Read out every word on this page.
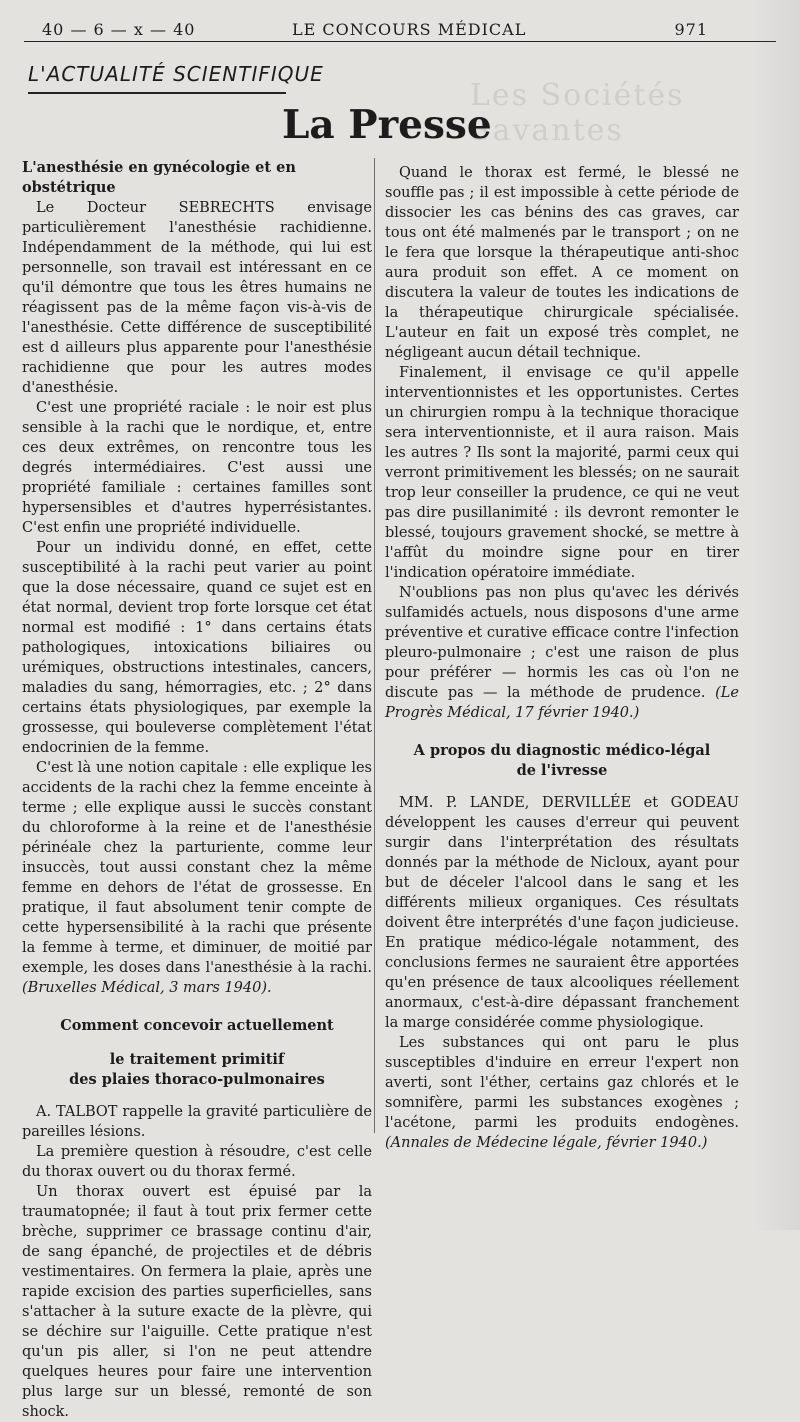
40 — 6 — x — 40	LE CONCOURS MÉDICAL	971
Les Sociétés Savantes
L'ACTUALITÉ SCIENTIFIQUE
La Presse
L'anesthésie en gynécologie et en obstétrique

Le Docteur SEBRECHTS envisage particulièrement l'anesthésie rachidienne. Indépendamment de la méthode, qui lui est personnelle, son travail est intéressant en ce qu'il démontre que tous les êtres humains ne réagissent pas de la même façon vis-à-vis de l'anesthésie. Cette différence de susceptibilité est d ailleurs plus apparente pour l'anesthésie rachidienne que pour les autres modes d'anesthésie.

C'est une propriété raciale : le noir est plus sensible à la rachi que le nordique, et, entre ces deux extrêmes, on rencontre tous les degrés intermédiaires. C'est aussi une propriété familiale : certaines familles sont hypersensibles et d'autres hyperrésistantes. C'est enfin une propriété individuelle.

Pour un individu donné, en effet, cette susceptibilité à la rachi peut varier au point que la dose nécessaire, quand ce sujet est en état normal, devient trop forte lorsque cet état normal est modifié : 1° dans certains états pathologiques, intoxications biliaires ou urémiques, obstructions intestinales, cancers, maladies du sang, hémorragies, etc. ; 2° dans certains états physiologiques, par exemple la grossesse, qui bouleverse complètement l'état endocrinien de la femme.

C'est là une notion capitale : elle explique les accidents de la rachi chez la femme enceinte à terme ; elle explique aussi le succès constant du chloroforme à la reine et de l'anesthésie périnéale chez la parturiente, comme leur insuccès, tout aussi constant chez la même femme en dehors de l'état de grossesse. En pratique, il faut absolument tenir compte de cette hypersensibilité à la rachi que présente la femme à terme, et diminuer, de moitié par exemple, les doses dans l'anesthésie à la rachi. (Bruxelles Médical, 3 mars 1940).

Comment concevoir actuellement
le traitement primitif
des plaies thoraco-pulmonaires

A. TALBOT rappelle la gravité particulière de pareilles lésions.

La première question à résoudre, c'est celle du thorax ouvert ou du thorax fermé.

Un thorax ouvert est épuisé par la traumatopnée; il faut à tout prix fermer cette brèche, supprimer ce brassage continu d'air, de sang épanché, de projectiles et de débris vestimentaires. On fermera la plaie, après une rapide excision des parties superficielles, sans s'attacher à la suture exacte de la plèvre, qui se déchire sur l'aiguille. Cette pratique n'est qu'un pis aller, si l'on ne peut attendre quelques heures pour faire une intervention plus large sur un blessé, remonté de son shock.

Quand le thorax est fermé, le blessé ne souffle pas ; il est impossible à cette période de dissocier les cas bénins des cas graves, car tous ont été malmenés par le transport ; on ne le fera que lorsque la thérapeutique anti-shoc aura produit son effet. A ce moment on discutera la valeur de toutes les indications de la thérapeutique chirurgicale spécialisée. L'auteur en fait un exposé très complet, ne négligeant aucun détail technique.

Finalement, il envisage ce qu'il appelle interventionnistes et les opportunistes. Certes un chirurgien rompu à la technique thoracique sera interventionniste, et il aura raison. Mais les autres ? Ils sont la majorité, parmi ceux qui verront primitivement les blessés; on ne saurait trop leur conseiller la prudence, ce qui ne veut pas dire pusillanimité : ils devront remonter le blessé, toujours gravement shocké, se mettre à l'affût du moindre signe pour en tirer l'indication opératoire immédiate.

N'oublions pas non plus qu'avec les dérivés sulfamidés actuels, nous disposons d'une arme préventive et curative efficace contre l'infection pleuro-pulmonaire ; c'est une raison de plus pour préférer — hormis les cas où l'on ne discute pas — la méthode de prudence. (Le Progrès Médical, 17 février 1940.)

A propos du diagnostic médico-légal
de l'ivresse

MM. P. LANDE, DERVILLÉE et GODEAU développent les causes d'erreur qui peuvent surgir dans l'interprétation des résultats donnés par la méthode de Nicloux, ayant pour but de déceler l'alcool dans le sang et les différents milieux organiques. Ces résultats doivent être interprétés d'une façon judicieuse. En pratique médico-légale notamment, des conclusions fermes ne sauraient être apportées qu'en présence de taux alcooliques réellement anormaux, c'est-à-dire dépassant franchement la marge considérée comme physiologique.

Les substances qui ont paru le plus susceptibles d'induire en erreur l'expert non averti, sont l'éther, certains gaz chlorés et le somnifère, parmi les substances exogènes ; l'acétone, parmi les produits endogènes. (Annales de Médecine légale, février 1940.)
